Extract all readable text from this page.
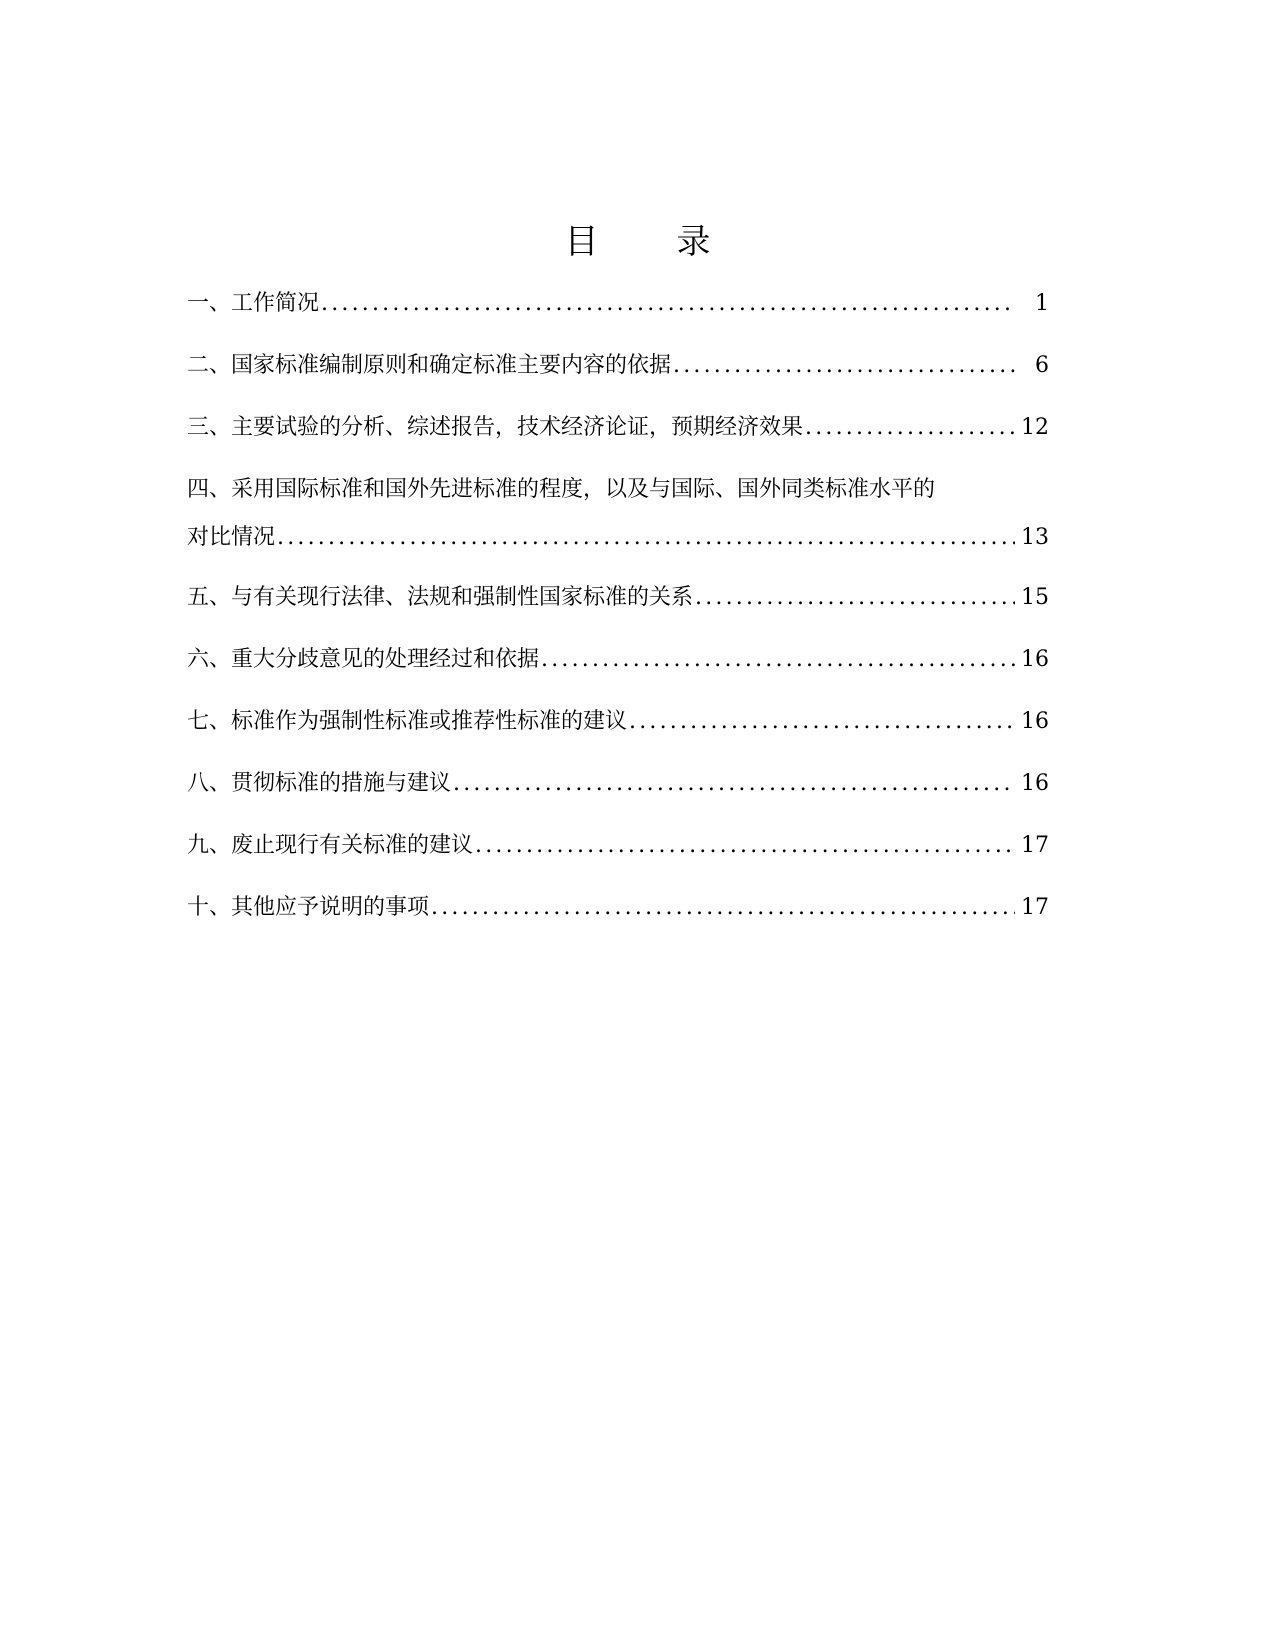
目 录
一、工作简况 .....	1
二、国家标准编制原则和确定标准主要内容的依据 .....	6
三、主要试验的分析、综述报告，技术经济论证，预期经济效果 .....	12
四、采用国际标准和国外先进标准的程度，以及与国际、国外同类标准水平的
对比情况 .....	13
五、与有关现行法律、法规和强制性国家标准的关系 .....	15
六、重大分歧意见的处理经过和依据 .....	16
七、标准作为强制性标准或推荐性标准的建议 .....	16
八、贯彻标准的措施与建议 .....	16
九、废止现行有关标准的建议 .....	17
十、其他应予说明的事项 .....	17
